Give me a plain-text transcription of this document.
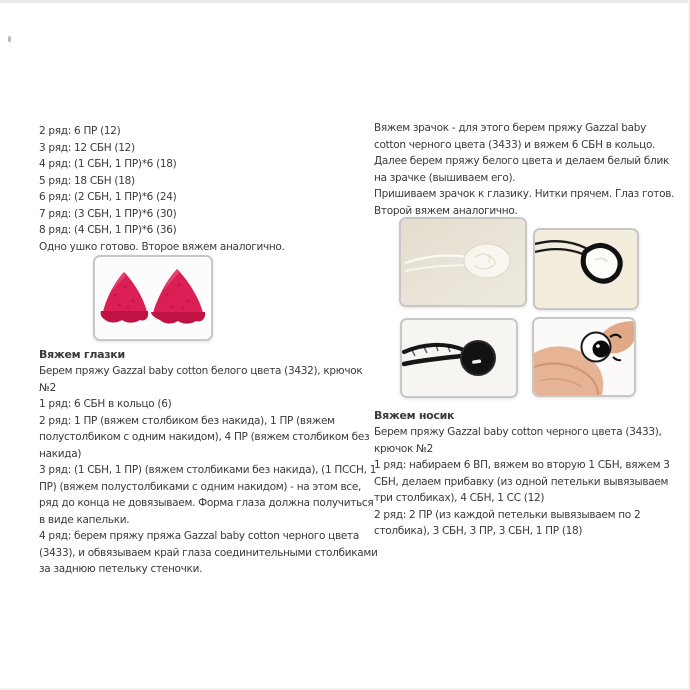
2 ряд: 6 ПР (12)
3 ряд: 12 СБН (12)
4 ряд: (1 СБН, 1 ПР)*6 (18)
5 ряд: 18 СБН (18)
6 ряд: (2 СБН, 1 ПР)*6 (24)
7 ряд: (3 СБН, 1 ПР)*6 (30)
8 ряд: (4 СБН, 1 ПР)*6 (36)
Одно ушко готово. Второе вяжем аналогично.
Вяжем глазки

Берем пряжу Gazzal baby cotton белого цвета (3432), крючок №2

1 ряд: 6 СБН в кольцо (6)

2 ряд: 1 ПР (вяжем столбиком без накида), 1 ПР (вяжем полустолбиком с одним накидом), 4 ПР (вяжем столбиком без накида)

3 ряд: (1 СБН, 1 ПР) (вяжем столбиками без накида), (1 ПССН, 1 ПР) (вяжем полустолбиками с одним накидом) - на этом все, ряд до конца не довязываем. Форма глаза должна получиться в виде капельки.

4 ряд: берем пряжу пряжа Gazzal baby cotton черного цвета (3433), и обвязываем край глаза соединительными столбиками за заднюю петельку стеночки.

Вяжем зрачок - для этого берем пряжу Gazzal baby cotton черного цвета (3433) и вяжем 6 СБН в кольцо. Далее берем пряжу белого цвета и делаем белый блик на зрачке (вышиваем его).

Пришиваем зрачок к глазику. Нитки прячем. Глаз готов. Второй вяжем аналогично.

Вяжем носик

Берем пряжу Gazzal baby cotton черного цвета (3433), крючок №2

1 ряд: набираем 6 ВП, вяжем во вторую 1 СБН, вяжем 3 СБН, делаем прибавку (из одной петельки вывязываем три столбиках), 4 СБН, 1 СС (12)

2 ряд: 2 ПР (из каждой петельки вывязываем по 2 столбика), 3 СБН, 3 ПР, 3 СБН, 1 ПР (18)
